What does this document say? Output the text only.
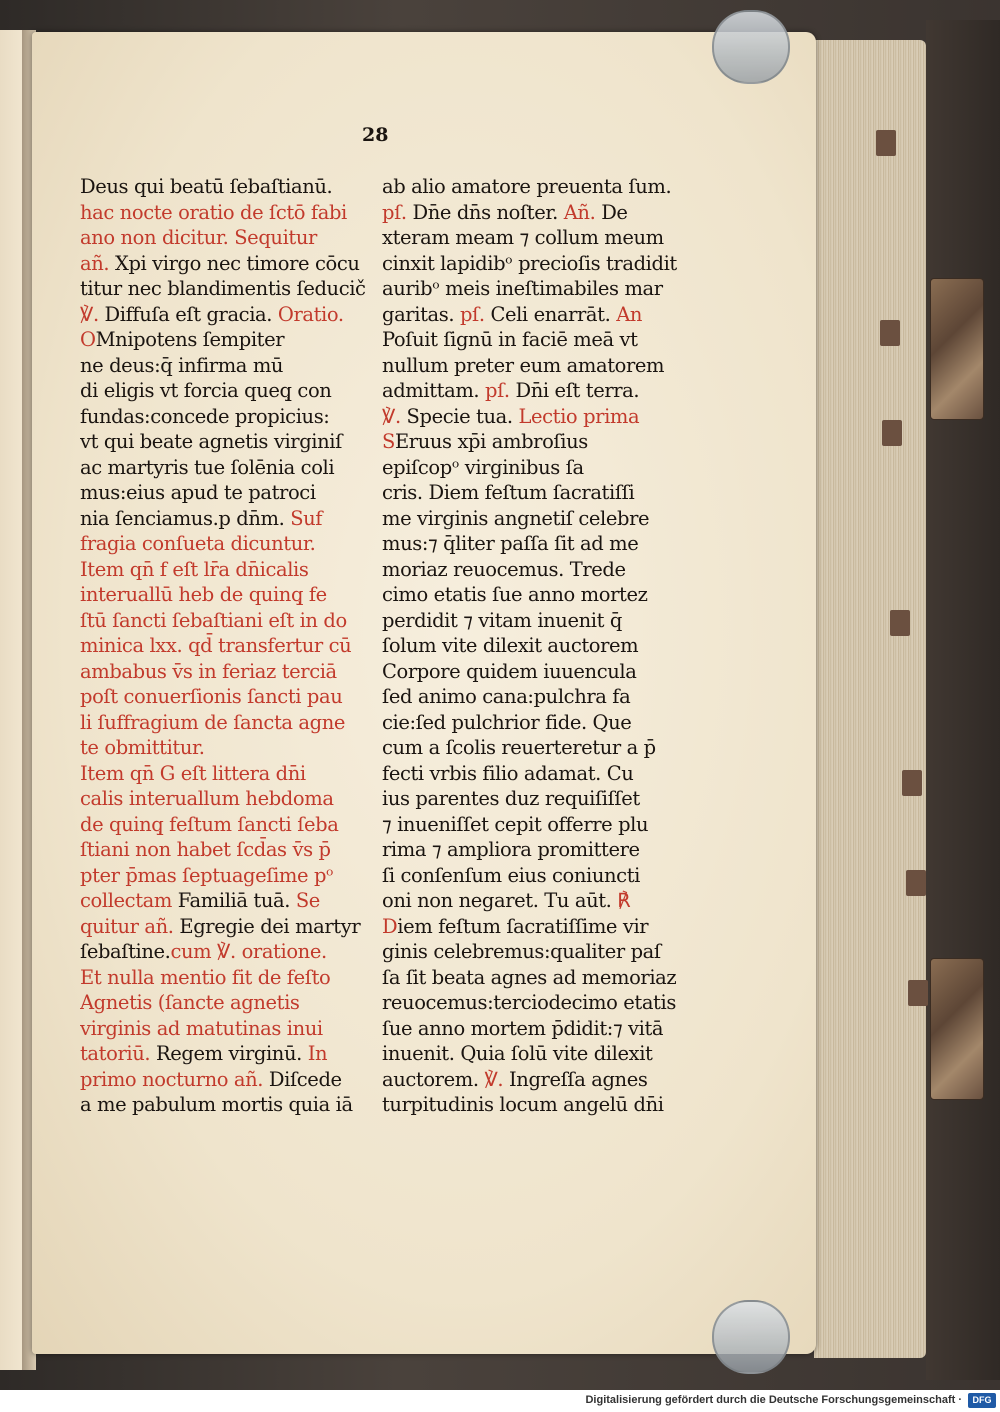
28
Deus qui beatū ſebaſtianū.
hac nocte oratio de ſctō fabi
ano non dicitur. Sequitur
añ. Xpi virgo nec timore cōcu
titur nec blandimentis ſeducič
℣. Diffuſa eſt gracia. Oratio.
OMnipotens ſempiter
ne deus:q̄ infirma mū
di eligis vt forcia queq̧ con
fundas:concede propicius:
vt qui beate agnetis virginiſ
ac martyris tue ſolēnia coli
mus:eius apud te patroci
nia ſenciamus.p dn̄m. Suf
fragia conſueta dicuntur.
Item qn̄ f eſt lr̄a dn̄icalis
interuallū heb de quinq̧ fe
ſtū ſancti ſebaſtiani eſt in do
minica lxx. qd̄ transfertur cū
ambabus v̄s in feriaz terciā
poſt conuerſionis ſancti pau
li ſuffragium de ſancta agne
te obmittitur.
Item qn̄ G eſt littera dn̄i
calis interuallum hebdoma
de quinq̧ feſtum ſancti ſeba
ſtiani non habet ſcd̄as v̄s p̄
pter p̄mas ſeptuageſime pᵒ
collectam Familiā tuā. Se
quitur añ. Egregie dei martyr
ſebaſtine.cum ℣. oratione.
Et nulla mentio fit de feſto
Agnetis (ſancte agnetis
virginis ad matutinas inui
tatoriū. Regem virginū. In
primo nocturno añ. Diſcede
a me pabulum mortis quia iā
ab alio amatore preuenta ſum.
pſ. Dn̄e dn̄s noſter. Añ. De
xteram meam ⁊ collum meum
cinxit lapidibᵒ precioſis tradidit
auribᵒ meis ineſtimabiles mar
garitas. pſ. Celi enarrāt. An
Poſuit ſignū in faciē meā vt
nullum preter eum amatorem
admittam. pſ. Dn̄i eſt terra.
℣. Specie tua. Lectio prima
SEruus xp̄i ambroſius
epiſcopᵒ virginibus ſa
cris. Diem feſtum ſacratiſſi
me virginis angnetiſ celebre
mus:⁊ q̄liter paſſa ſit ad me
moriaz reuocemus. Trede
cimo etatis ſue anno mortez
perdidit ⁊ vitam inuenit q̄
ſolum vite dilexit auctorem
Corpore quidem iuuencula
ſed animo cana:pulchra fa
cie:ſed pulchrior fide. Que
cum a ſcolis reuerteretur a p̄
fecti vrbis filio adamat. Cu
ius parentes duz requiſiſſet
⁊ inueniſſet cepit offerre plu
rima ⁊ ampliora promittere
ſi conſenſum eius coniuncti
oni non negaret. Tu aūt. ℟
Diem feſtum ſacratiſſime vir
ginis celebremus:qualiter paſ
ſa ſit beata agnes ad memoriaz
reuocemus:terciodecimo etatis
ſue anno mortem p̄didit:⁊ vitā
inuenit. Quia ſolū vite dilexit
auctorem. ℣. Ingreſſa agnes
turpitudinis locum angelū dn̄i
Digitalisierung gefördert durch die Deutsche Forschungsgemeinschaft ·	DFG
